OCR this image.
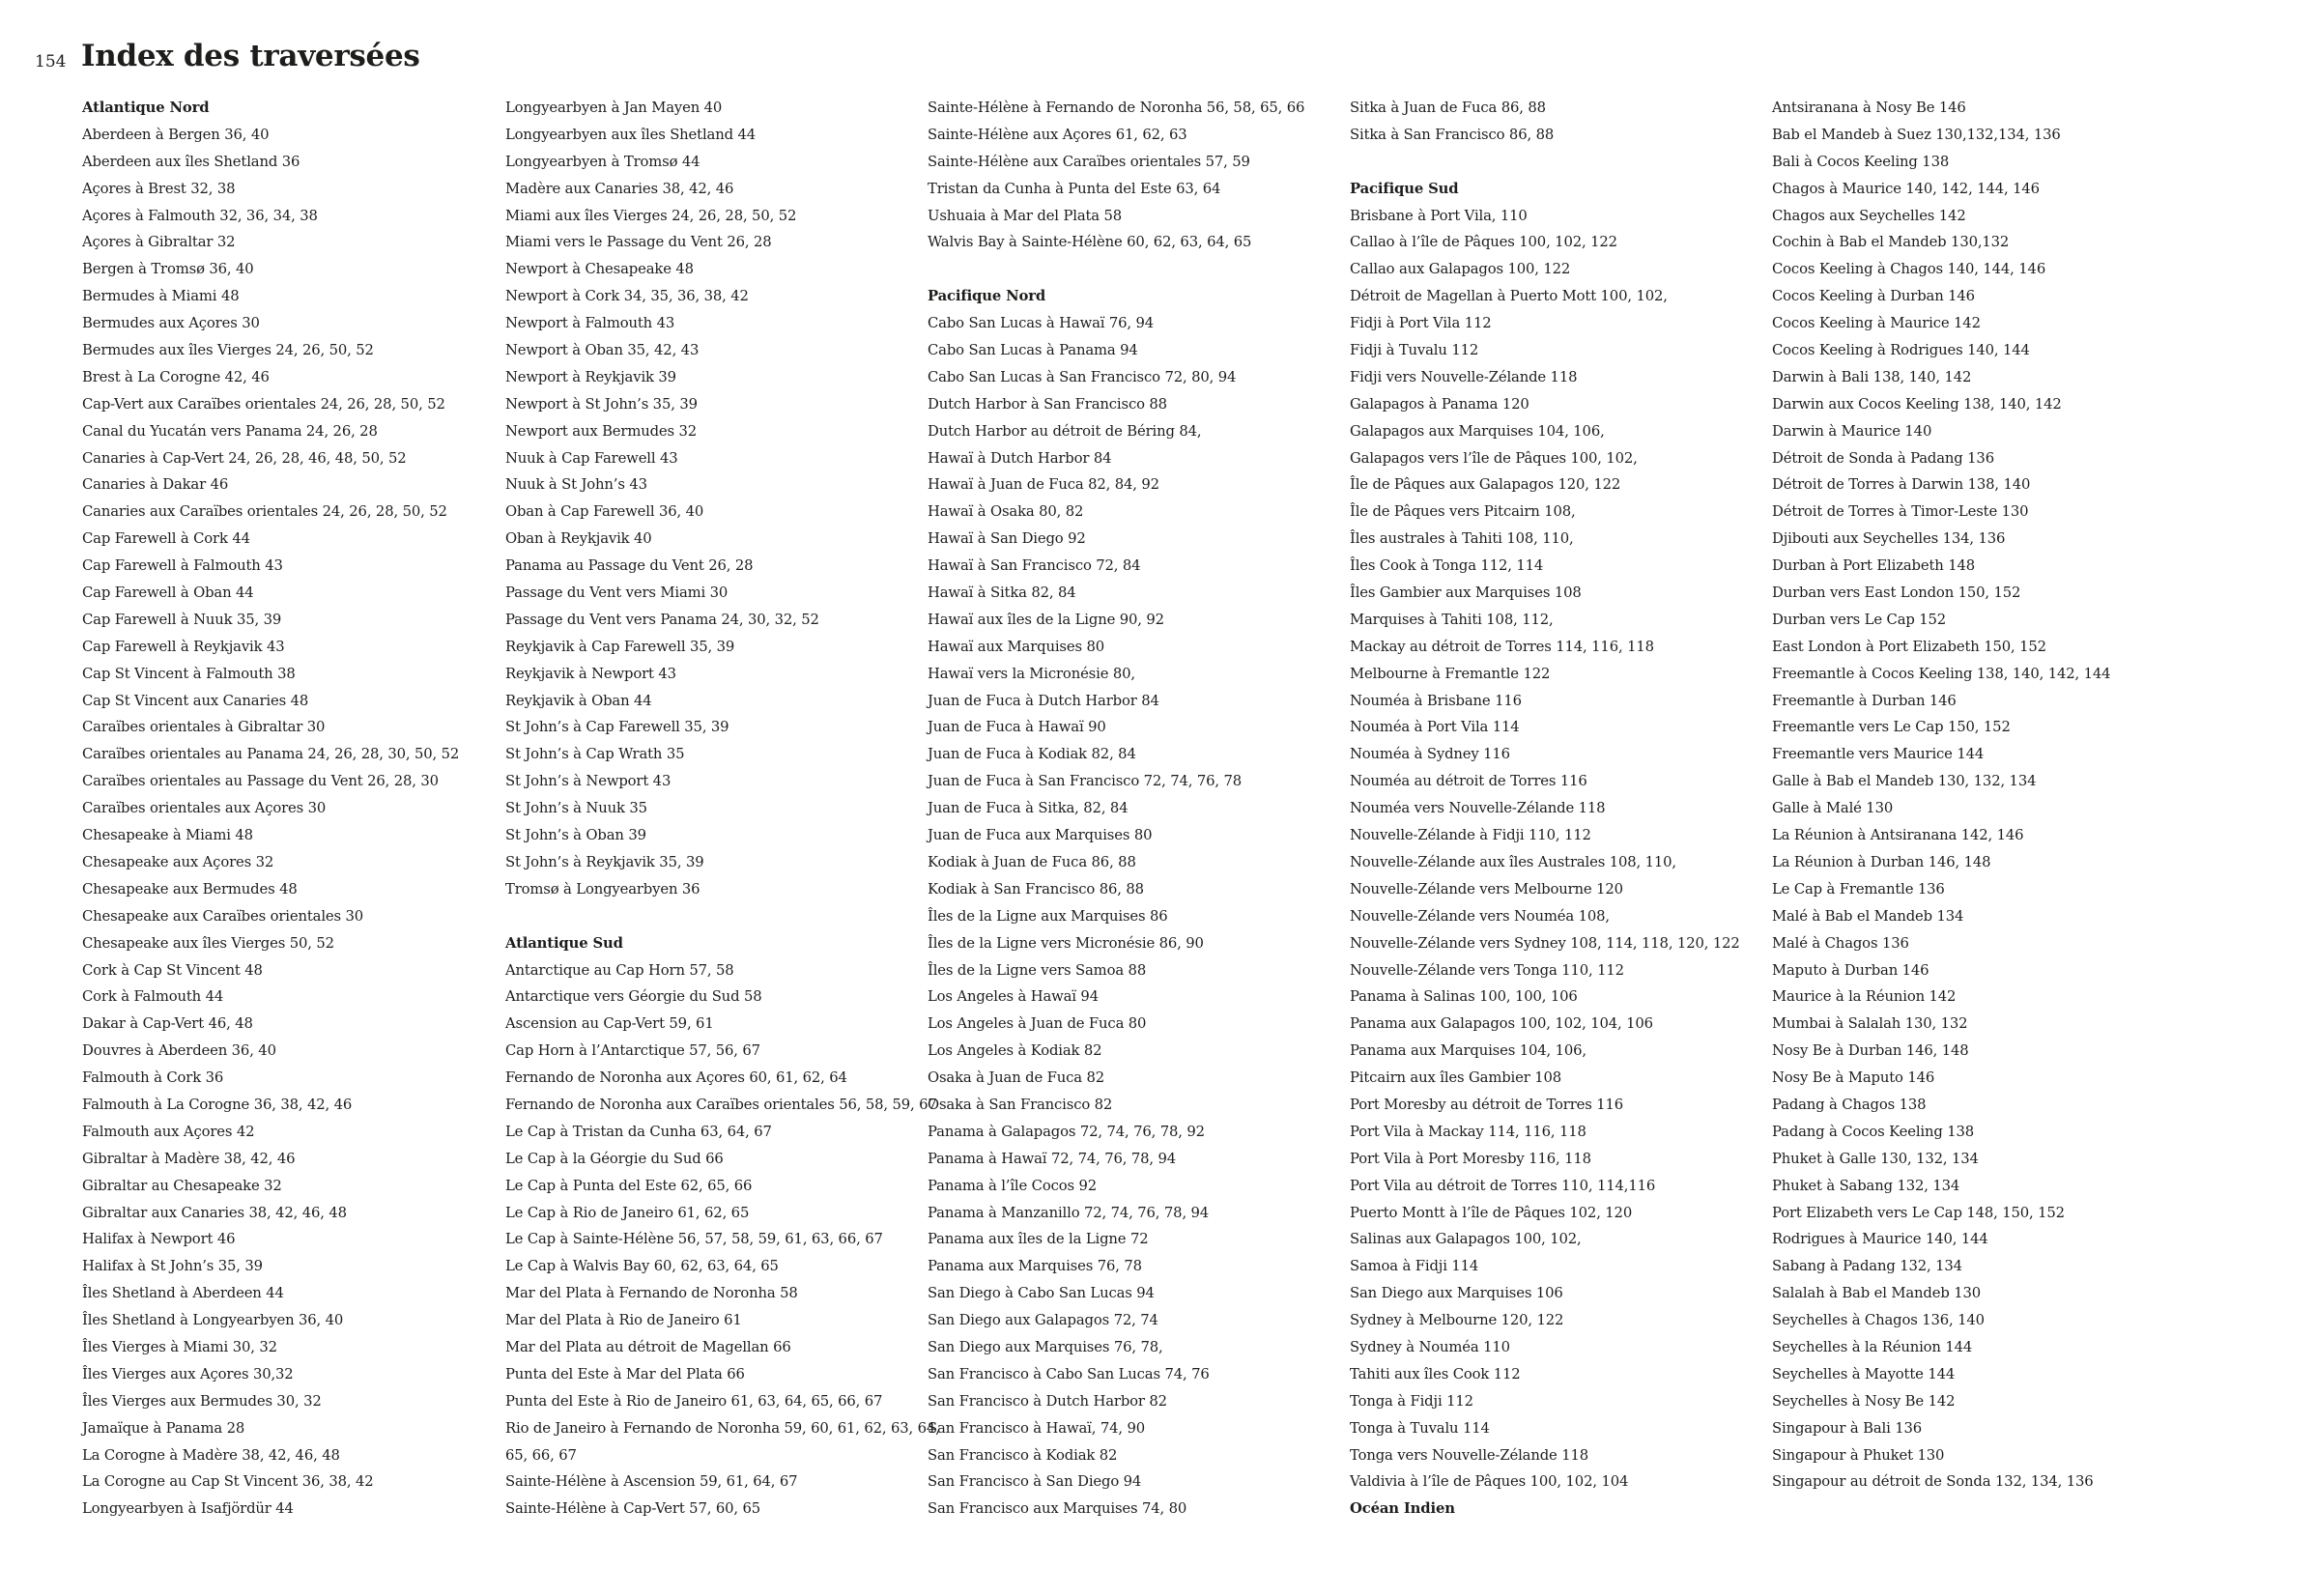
154 Index des traversées
Atlantique Nord
Aberdeen à Bergen 36, 40
Aberdeen aux îles Shetland 36
Açores à Brest 32, 38
Açores à Falmouth 32, 36, 34, 38
Açores à Gibraltar 32
Bergen à Tromsø 36, 40
Bermudes à Miami 48
Bermudes aux Açores 30
Bermudes aux îles Vierges 24, 26, 50, 52
Brest à La Corogne 42, 46
Cap-Vert aux Caraïbes orientales 24, 26, 28, 50, 52
Canal du Yucatán vers Panama 24, 26, 28
Canaries à Cap-Vert 24, 26, 28, 46, 48, 50, 52
Canaries à Dakar 46
Canaries aux Caraïbes orientales 24, 26, 28, 50, 52
Cap Farewell à Cork 44
Cap Farewell à Falmouth 43
Cap Farewell à Oban 44
Cap Farewell à Nuuk 35, 39
Cap Farewell à Reykjavik 43
Cap St Vincent à Falmouth 38
Cap St Vincent aux Canaries 48
Caraïbes orientales à Gibraltar 30
Caraïbes orientales au Panama 24, 26, 28, 30, 50, 52
Caraïbes orientales au Passage du Vent 26, 28, 30
Caraïbes orientales aux Açores 30
Chesapeake à Miami 48
Chesapeake aux Açores 32
Chesapeake aux Bermudes 48
Chesapeake aux Caraïbes orientales 30
Chesapeake aux îles Vierges 50, 52
Cork à Cap St Vincent 48
Cork à Falmouth 44
Dakar à Cap-Vert 46, 48
Douvres à Aberdeen 36, 40
Falmouth à Cork 36
Falmouth à La Corogne 36, 38, 42, 46
Falmouth aux Açores 42
Gibraltar à Madère 38, 42, 46
Gibraltar au Chesapeake 32
Gibraltar aux Canaries 38, 42, 46, 48
Halifax à Newport 46
Halifax à St John’s 35, 39
Îles Shetland à Aberdeen 44
Îles Shetland à Longyearbyen 36, 40
Îles Vierges à Miami 30, 32
Îles Vierges aux Açores 30,32
Îles Vierges aux Bermudes 30, 32
Jamaïque à Panama 28
La Corogne à Madère 38, 42, 46, 48
La Corogne au Cap St Vincent 36, 38, 42
Longyearbyen à Isafjördür 44
Longyearbyen à Jan Mayen 40
Longyearbyen aux îles Shetland 44
Longyearbyen à Tromsø 44
Madère aux Canaries 38, 42, 46
Miami aux îles Vierges 24, 26, 28, 50, 52
Miami vers le Passage du Vent 26, 28
Newport à Chesapeake 48
Newport à Cork 34, 35, 36, 38, 42
Newport à Falmouth 43
Newport à Oban 35, 42, 43
Newport à Reykjavik 39
Newport à St John’s 35, 39
Newport aux Bermudes 32
Nuuk à Cap Farewell 43
Nuuk à St John’s 43
Oban à Cap Farewell 36, 40
Oban à Reykjavik 40
Panama au Passage du Vent 26, 28
Passage du Vent vers Miami 30
Passage du Vent vers Panama 24, 30, 32, 52
Reykjavik à Cap Farewell 35, 39
Reykjavik à Newport 43
Reykjavik à Oban 44
St John’s à Cap Farewell 35, 39
St John’s à Cap Wrath 35
St John’s à Newport 43
St John’s à Nuuk 35
St John’s à Oban 39
St John’s à Reykjavik 35, 39
Tromsø à Longyearbyen 36
Atlantique Sud
Antarctique au Cap Horn 57, 58
Antarctique vers Géorgie du Sud 58
Ascension au Cap-Vert 59, 61
Cap Horn à l’Antarctique 57, 56, 67
Fernando de Noronha aux Açores 60, 61, 62, 64
Fernando de Noronha aux Caraïbes orientales 56, 58, 59, 67
Le Cap à Tristan da Cunha 63, 64, 67
Le Cap à la Géorgie du Sud 66
Le Cap à Punta del Este 62, 65, 66
Le Cap à Rio de Janeiro 61, 62, 65
Le Cap à Sainte-Hélène 56, 57, 58, 59, 61, 63, 66, 67
Le Cap à Walvis Bay 60, 62, 63, 64, 65
Mar del Plata à Fernando de Noronha 58
Mar del Plata à Rio de Janeiro 61
Mar del Plata au détroit de Magellan 66
Punta del Este à Mar del Plata 66
Punta del Este à Rio de Janeiro 61, 63, 64, 65, 66, 67
Rio de Janeiro à Fernando de Noronha 59, 60, 61, 62, 63, 64,
65, 66, 67
Sainte-Hélène à Ascension 59, 61, 64, 67
Sainte-Hélène à Cap-Vert 57, 60, 65
Sainte-Hélène à Fernando de Noronha 56, 58, 65, 66
Sainte-Hélène aux Açores 61, 62, 63
Sainte-Hélène aux Caraïbes orientales 57, 59
Tristan da Cunha à Punta del Este 63, 64
Ushuaia à Mar del Plata 58
Walvis Bay à Sainte-Hélène 60, 62, 63, 64, 65
Pacifique Nord
Cabo San Lucas à Hawaï 76, 94
Cabo San Lucas à Panama 94
Cabo San Lucas à San Francisco 72, 80, 94
Dutch Harbor à San Francisco 88
Dutch Harbor au détroit de Béring 84,
Hawaï à Dutch Harbor 84
Hawaï à Juan de Fuca 82, 84, 92
Hawaï à Osaka 80, 82
Hawaï à San Diego 92
Hawaï à San Francisco 72, 84
Hawaï à Sitka 82, 84
Hawaï aux îles de la Ligne 90, 92
Hawaï aux Marquises 80
Hawaï vers la Micronésie 80,
Juan de Fuca à Dutch Harbor 84
Juan de Fuca à Hawaï 90
Juan de Fuca à Kodiak 82, 84
Juan de Fuca à San Francisco 72, 74, 76, 78
Juan de Fuca à Sitka, 82, 84
Juan de Fuca aux Marquises 80
Kodiak à Juan de Fuca 86, 88
Kodiak à San Francisco 86, 88
Îles de la Ligne aux Marquises 86
Îles de la Ligne vers Micronésie 86, 90
Îles de la Ligne vers Samoa 88
Los Angeles à Hawaï 94
Los Angeles à Juan de Fuca 80
Los Angeles à Kodiak 82
Osaka à Juan de Fuca 82
Osaka à San Francisco 82
Panama à Galapagos 72, 74, 76, 78, 92
Panama à Hawaï 72, 74, 76, 78, 94
Panama à l’île Cocos 92
Panama à Manzanillo 72, 74, 76, 78, 94
Panama aux îles de la Ligne 72
Panama aux Marquises 76, 78
San Diego à Cabo San Lucas 94
San Diego aux Galapagos 72, 74
San Diego aux Marquises 76, 78,
San Francisco à Cabo San Lucas 74, 76
San Francisco à Dutch Harbor 82
San Francisco à Hawaï, 74, 90
San Francisco à Kodiak 82
San Francisco à San Diego 94
San Francisco aux Marquises 74, 80
Sitka à Juan de Fuca 86, 88
Sitka à San Francisco 86, 88
Pacifique Sud
Brisbane à Port Vila, 110
Callao à l’île de Pâques 100, 102, 122
Callao aux Galapagos 100, 122
Détroit de Magellan à Puerto Mott 100, 102,
Fidji à Port Vila 112
Fidji à Tuvalu 112
Fidji vers Nouvelle-Zélande 118
Galapagos à Panama 120
Galapagos aux Marquises 104, 106,
Galapagos vers l’île de Pâques 100, 102,
Île de Pâques aux Galapagos 120, 122
Île de Pâques vers Pitcairn 108,
Îles australes à Tahiti 108, 110,
Îles Cook à Tonga 112, 114
Îles Gambier aux Marquises 108
Marquises à Tahiti 108, 112,
Mackay au détroit de Torres 114, 116, 118
Melbourne à Fremantle 122
Nouméa à Brisbane 116
Nouméa à Port Vila 114
Nouméa à Sydney 116
Nouméa au détroit de Torres 116
Nouméa vers Nouvelle-Zélande 118
Nouvelle-Zélande à Fidji 110, 112
Nouvelle-Zélande aux îles Australes 108, 110,
Nouvelle-Zélande vers Melbourne 120
Nouvelle-Zélande vers Nouméa 108,
Nouvelle-Zélande vers Sydney 108, 114, 118, 120, 122
Nouvelle-Zélande vers Tonga 110, 112
Panama à Salinas 100, 100, 106
Panama aux Galapagos 100, 102, 104, 106
Panama aux Marquises 104, 106,
Pitcairn aux îles Gambier 108
Port Moresby au détroit de Torres 116
Port Vila à Mackay 114, 116, 118
Port Vila à Port Moresby 116, 118
Port Vila au détroit de Torres 110, 114,116
Puerto Montt à l’île de Pâques 102, 120
Salinas aux Galapagos 100, 102,
Samoa à Fidji 114
San Diego aux Marquises 106
Sydney à Melbourne 120, 122
Sydney à Nouméa 110
Tahiti aux îles Cook 112
Tonga à Fidji 112
Tonga à Tuvalu 114
Tonga vers Nouvelle-Zélande 118
Valdivia à l’île de Pâques 100, 102, 104
Océan Indien
Antsiranana à Nosy Be 146
Bab el Mandeb à Suez 130,132,134, 136
Bali à Cocos Keeling 138
Chagos à Maurice 140, 142, 144, 146
Chagos aux Seychelles 142
Cochin à Bab el Mandeb 130,132
Cocos Keeling à Chagos 140, 144, 146
Cocos Keeling à Durban 146
Cocos Keeling à Maurice 142
Cocos Keeling à Rodrigues 140, 144
Darwin à Bali 138, 140, 142
Darwin aux Cocos Keeling 138, 140, 142
Darwin à Maurice 140
Détroit de Sonda à Padang 136
Détroit de Torres à Darwin 138, 140
Détroit de Torres à Timor-Leste 130
Djibouti aux Seychelles 134, 136
Durban à Port Elizabeth 148
Durban vers East London 150, 152
Durban vers Le Cap 152
East London à Port Elizabeth 150, 152
Freemantle à Cocos Keeling 138, 140, 142, 144
Freemantle à Durban 146
Freemantle vers Le Cap 150, 152
Freemantle vers Maurice 144
Galle à Bab el Mandeb 130, 132, 134
Galle à Malé 130
La Réunion à Antsiranana 142, 146
La Réunion à Durban 146, 148
Le Cap à Fremantle 136
Malé à Bab el Mandeb 134
Malé à Chagos 136
Maputo à Durban 146
Maurice à la Réunion 142
Mumbai à Salalah 130, 132
Nosy Be à Durban 146, 148
Nosy Be à Maputo 146
Padang à Chagos 138
Padang à Cocos Keeling 138
Phuket à Galle 130, 132, 134
Phuket à Sabang 132, 134
Port Elizabeth vers Le Cap 148, 150, 152
Rodrigues à Maurice 140, 144
Sabang à Padang 132, 134
Salalah à Bab el Mandeb 130
Seychelles à Chagos 136, 140
Seychelles à la Réunion 144
Seychelles à Mayotte 144
Seychelles à Nosy Be 142
Singapour à Bali 136
Singapour à Phuket 130
Singapour au détroit de Sonda 132, 134, 136
